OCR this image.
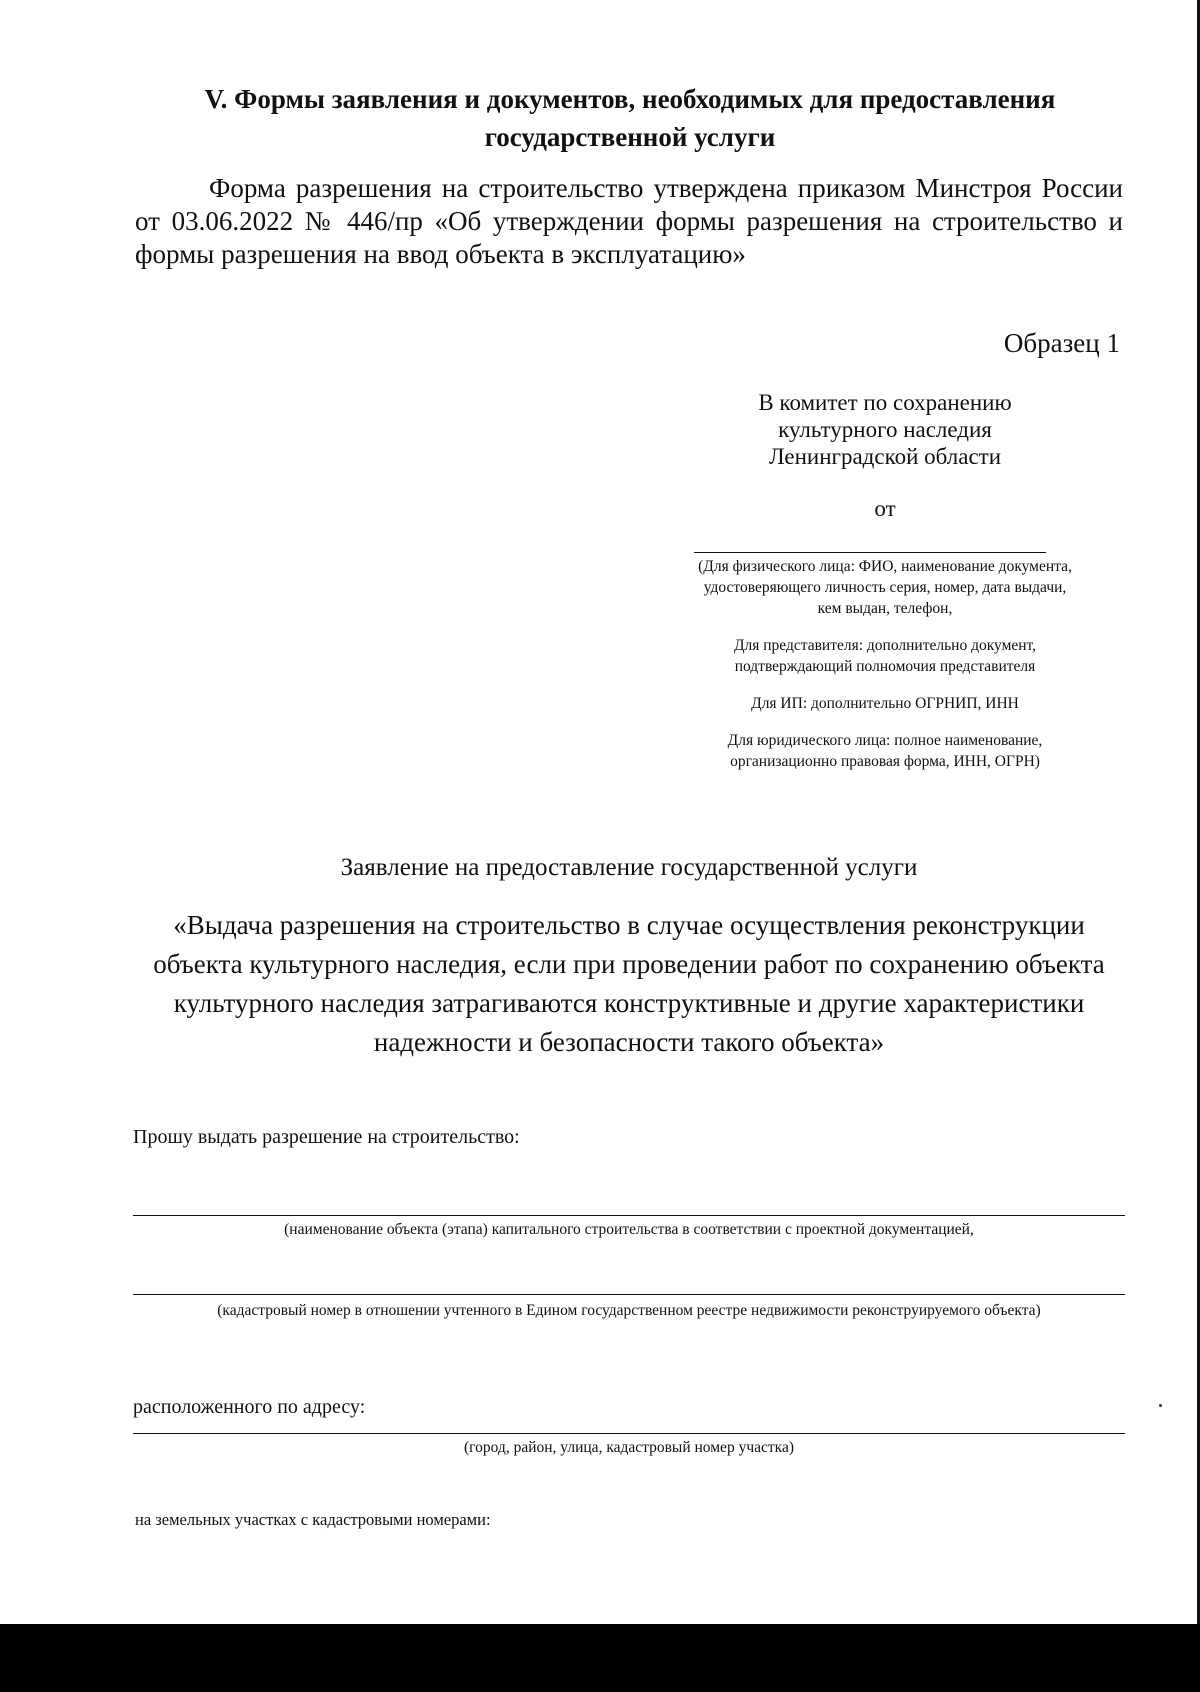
V. Формы заявления и документов, необходимых для предоставления государственной услуги
Форма разрешения на строительство утверждена приказом Минстроя России от 03.06.2022 № 446/пр «Об утверждении формы разрешения на строительство и формы разрешения на ввод объекта в эксплуатацию»
Образец 1
В комитет по сохранению
культурного наследия
Ленинградской области
от

(Для физического лица: ФИО, наименование документа, удостоверяющего личность серия, номер, дата выдачи, кем выдан, телефон,

Для представителя: дополнительно документ, подтверждающий полномочия представителя

Для ИП: дополнительно ОГРНИП, ИНН

Для юридического лица: полное наименование, организационно правовая форма, ИНН, ОГРН)

Заявление на предоставление государственной услуги
«Выдача разрешения на строительство в случае осуществления реконструкции объекта культурного наследия, если при проведении работ по сохранению объекта культурного наследия затрагиваются конструктивные и другие характеристики надежности и безопасности такого объекта»
Прошу выдать разрешение на строительство:
(наименование объекта (этапа) капитального строительства в соответствии с проектной документацией,
(кадастровый номер в отношении учтенного в Едином государственном реестре недвижимости реконструируемого объекта)
расположенного по адресу:
(город, район, улица, кадастровый номер участка)
на земельных участках с кадастровыми номерами:
